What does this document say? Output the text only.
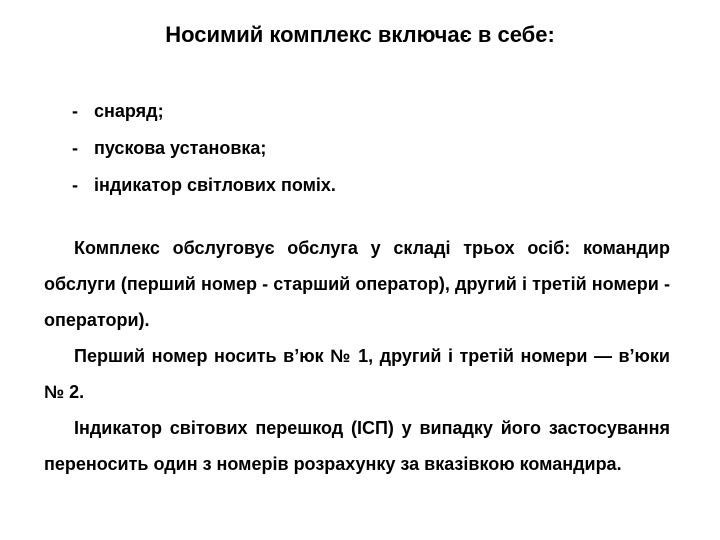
Носимий комплекс включає в себе:
- снаряд;
- пускова установка;
- індикатор світлових поміх.
Комплекс обслуговує обслуга у складі трьох осіб: командир обслуги (перший номер - старший оператор), другий і третій номери - оператори).
Перший номер носить в’юк № 1, другий і третій номери — в’юки № 2.
Індикатор світових перешкод (ІСП) у випадку його застосування переносить один з номерів розрахунку за вказівкою командира.
